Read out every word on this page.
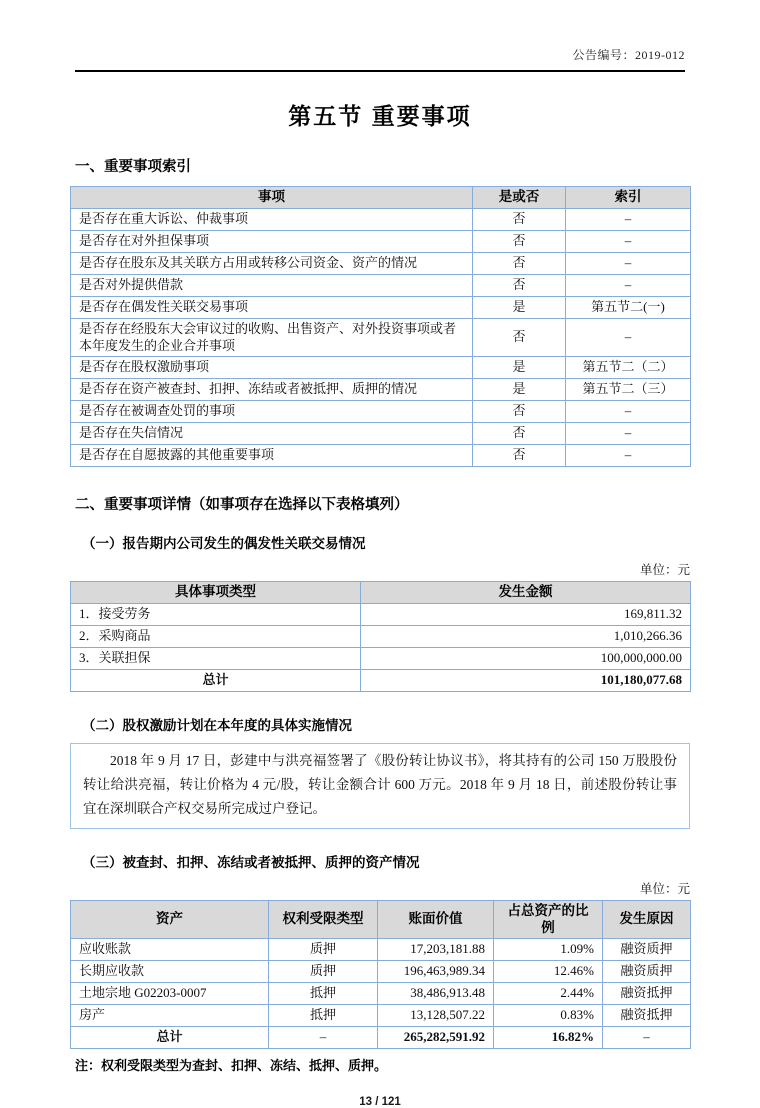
公告编号：2019-012
第五节 重要事项
一、重要事项索引
事项	是或否	索引
是否存在重大诉讼、仲裁事项	否	–
是否存在对外担保事项	否	–
是否存在股东及其关联方占用或转移公司资金、资产的情况	否	–
是否对外提供借款	否	–
是否存在偶发性关联交易事项	是	第五节二(一)
是否存在经股东大会审议过的收购、出售资产、对外投资事项或者本年度发生的企业合并事项	否	–
是否存在股权激励事项	是	第五节二（二）
是否存在资产被查封、扣押、冻结或者被抵押、质押的情况	是	第五节二（三）
是否存在被调查处罚的事项	否	–
是否存在失信情况	否	–
是否存在自愿披露的其他重要事项	否	–
二、重要事项详情（如事项存在选择以下表格填列）
（一）报告期内公司发生的偶发性关联交易情况
单位：元
具体事项类型	发生金额
1．接受劳务	169,811.32
2．采购商品	1,010,266.36
3．关联担保	100,000,000.00
总计	101,180,077.68
（二）股权激励计划在本年度的具体实施情况

2018 年 9 月 17 日，彭建中与洪亮福签署了《股份转让协议书》，将其持有的公司 150 万股股份转让给洪亮福，转让价格为 4 元/股，转让金额合计 600 万元。2018 年 9 月 18 日，前述股份转让事宜在深圳联合产权交易所完成过户登记。

（三）被查封、扣押、冻结或者被抵押、质押的资产情况
单位：元
资产	权利受限类型	账面价值	占总资产的比例	发生原因
应收账款	质押	17,203,181.88	1.09%	融资质押
长期应收款	质押	196,463,989.34	12.46%	融资质押
土地宗地 G02203-0007	抵押	38,486,913.48	2.44%	融资抵押
房产	抵押	13,128,507.22	0.83%	融资抵押
总计	–	265,282,591.92	16.82%	–
注：权利受限类型为查封、扣押、冻结、抵押、质押。
13 / 121
